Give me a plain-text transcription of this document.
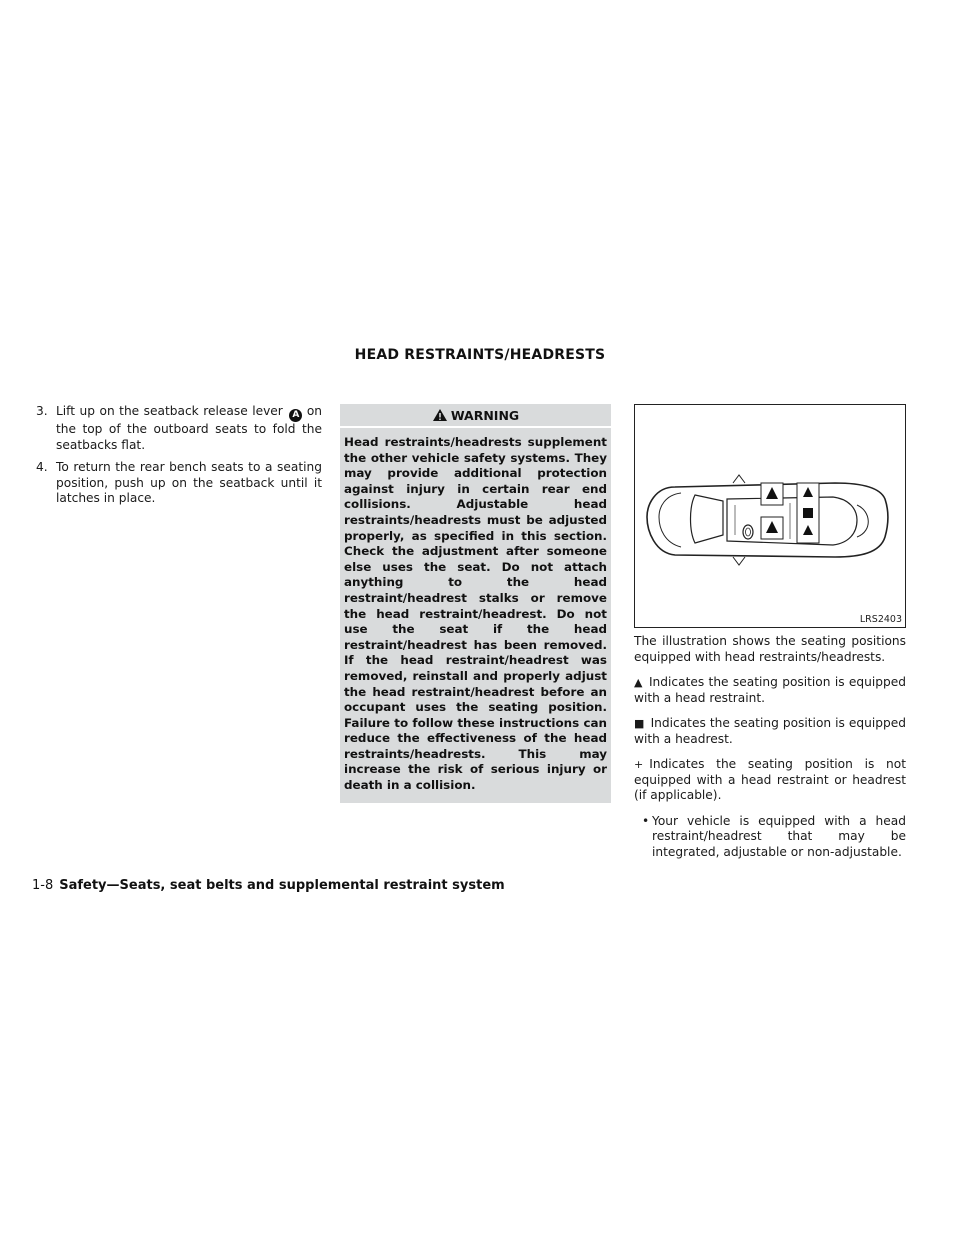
HEAD RESTRAINTS/HEADRESTS
3. Lift up on the seatback release lever A on the top of the outboard seats to fold the seatbacks flat.
4. To return the rear bench seats to a seating position, push up on the seatback until it latches in place.
WARNING
Head restraints/headrests supplement the other vehicle safety systems. They may provide additional protection against injury in certain rear end collisions. Adjustable head restraints/headrests must be adjusted properly, as specified in this section. Check the adjustment after someone else uses the seat. Do not attach anything to the head restraint/headrest stalks or remove the head restraint/headrest. Do not use the seat if the head restraint/headrest has been removed. If the head restraint/headrest was removed, reinstall and properly adjust the head restraint/headrest before an occupant uses the seating position. Failure to follow these instructions can reduce the effectiveness of the head restraints/headrests. This may increase the risk of serious injury or death in a collision.
LRS2403

The illustration shows the seating positions equipped with head restraints/headrests.

▲ Indicates the seating position is equipped with a head restraint.

■ Indicates the seating position is equipped with a headrest.

+ Indicates the seating position is not equipped with a head restraint or headrest (if applicable).

• Your vehicle is equipped with a head restraint/headrest that may be integrated, adjustable or non-adjustable.
1-8 Safety—Seats, seat belts and supplemental restraint system
